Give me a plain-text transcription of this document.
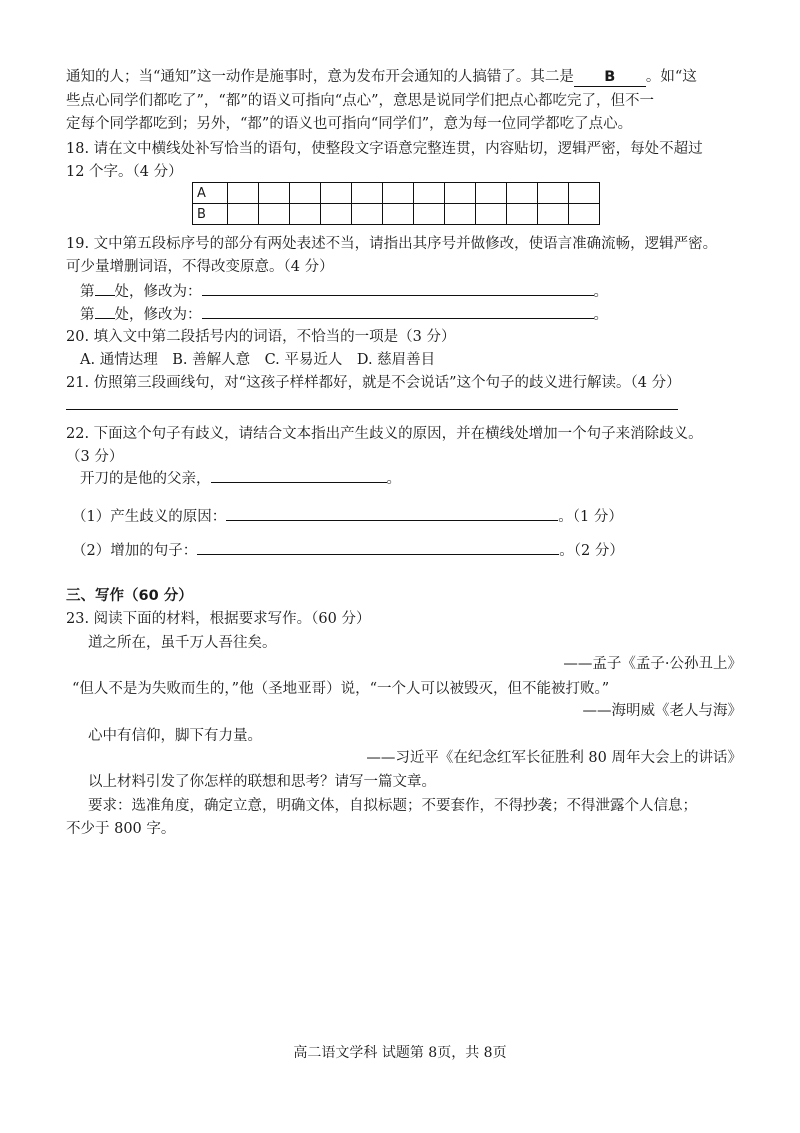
通知的人；当“通知”这一动作是施事时，意为发布开会通知的人搞错了。其二是 B 。如“这
些点心同学们都吃了”，“都”的语义可指向“点心”，意思是说同学们把点心都吃完了，但不一
定每个同学都吃到；另外，“都”的语义也可指向“同学们”，意为每一位同学都吃了点心。
18. 请在文中横线处补写恰当的语句，使整段文字语意完整连贯，内容贴切，逻辑严密，每处不超过
12 个字。（4 分）
A												
B												
19. 文中第五段标序号的部分有两处表述不当，请指出其序号并做修改，使语言准确流畅，逻辑严密。
可少量增删词语，不得改变原意。（4 分）
第 处，修改为：	。
第 处，修改为：	。
20. 填入文中第二段括号内的词语，不恰当的一项是（3 分）
A. 通情达理　B. 善解人意　C. 平易近人　D. 慈眉善目
21. 仿照第三段画线句，对“这孩子样样都好，就是不会说话”这个句子的歧义进行解读。（4 分）
22. 下面这个句子有歧义，请结合文本指出产生歧义的原因，并在横线处增加一个句子来消除歧义。
（3 分）
开刀的是他的父亲，	。
（1）产生歧义的原因：	。（1 分）
（2）增加的句子：	。（2 分）
三、写作（60 分）
23. 阅读下面的材料，根据要求写作。（60 分）
道之所在，虽千万人吾往矣。
——孟子《孟子·公孙丑上》
“但人不是为失败而生的，”他（圣地亚哥）说，“一个人可以被毁灭，但不能被打败。”
——海明威《老人与海》
心中有信仰，脚下有力量。
——习近平《在纪念红军长征胜利 80 周年大会上的讲话》
以上材料引发了你怎样的联想和思考？请写一篇文章。
要求：选准角度，确定立意，明确文体，自拟标题；不要套作，不得抄袭；不得泄露个人信息；
不少于 800 字。
高二语文学科 试题第 8页，共 8页
